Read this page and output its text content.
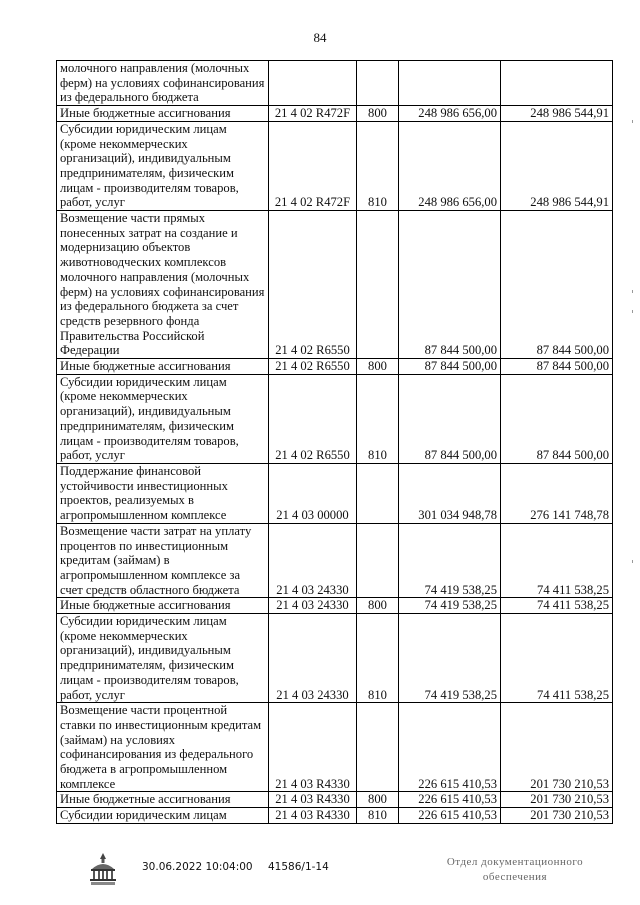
84
молочного направления (молочных ферм) на условиях софинансирования из федерального бюджета				
Иные бюджетные ассигнования	21 4 02 R472F	800	248 986 656,00	248 986 544,91
Субсидии юридическим лицам (кроме некоммерческих организаций), индивидуальным предпринимателям, физическим лицам - производителям товаров, работ, услуг	21 4 02 R472F	810	248 986 656,00	248 986 544,91
Возмещение части прямых понесенных затрат на создание и модернизацию объектов животноводческих комплексов молочного направления (молочных ферм) на условиях софинансирования из федерального бюджета за счет средств резервного фонда Правительства Российской Федерации	21 4 02 R6550		87 844 500,00	87 844 500,00
Иные бюджетные ассигнования	21 4 02 R6550	800	87 844 500,00	87 844 500,00
Субсидии юридическим лицам (кроме некоммерческих организаций), индивидуальным предпринимателям, физическим лицам - производителям товаров, работ, услуг	21 4 02 R6550	810	87 844 500,00	87 844 500,00
Поддержание финансовой устойчивости инвестиционных проектов, реализуемых в агропромышленном комплексе	21 4 03 00000		301 034 948,78	276 141 748,78
Возмещение части затрат на уплату процентов по инвестиционным кредитам (займам) в агропромышленном комплексе за счет средств областного бюджета	21 4 03 24330		74 419 538,25	74 411 538,25
Иные бюджетные ассигнования	21 4 03 24330	800	74 419 538,25	74 411 538,25
Субсидии юридическим лицам (кроме некоммерческих организаций), индивидуальным предпринимателям, физическим лицам - производителям товаров, работ, услуг	21 4 03 24330	810	74 419 538,25	74 411 538,25
Возмещение части процентной ставки по инвестиционным кредитам (займам) на условиях софинансирования из федерального бюджета в агропромышленном комплексе	21 4 03 R4330		226 615 410,53	201 730 210,53
Иные бюджетные ассигнования	21 4 03 R4330	800	226 615 410,53	201 730 210,53
Субсидии юридическим лицам	21 4 03 R4330	810	226 615 410,53	201 730 210,53
30.06.2022 10:04:00 41586/1-14	Отдел документационного
обеспечения
